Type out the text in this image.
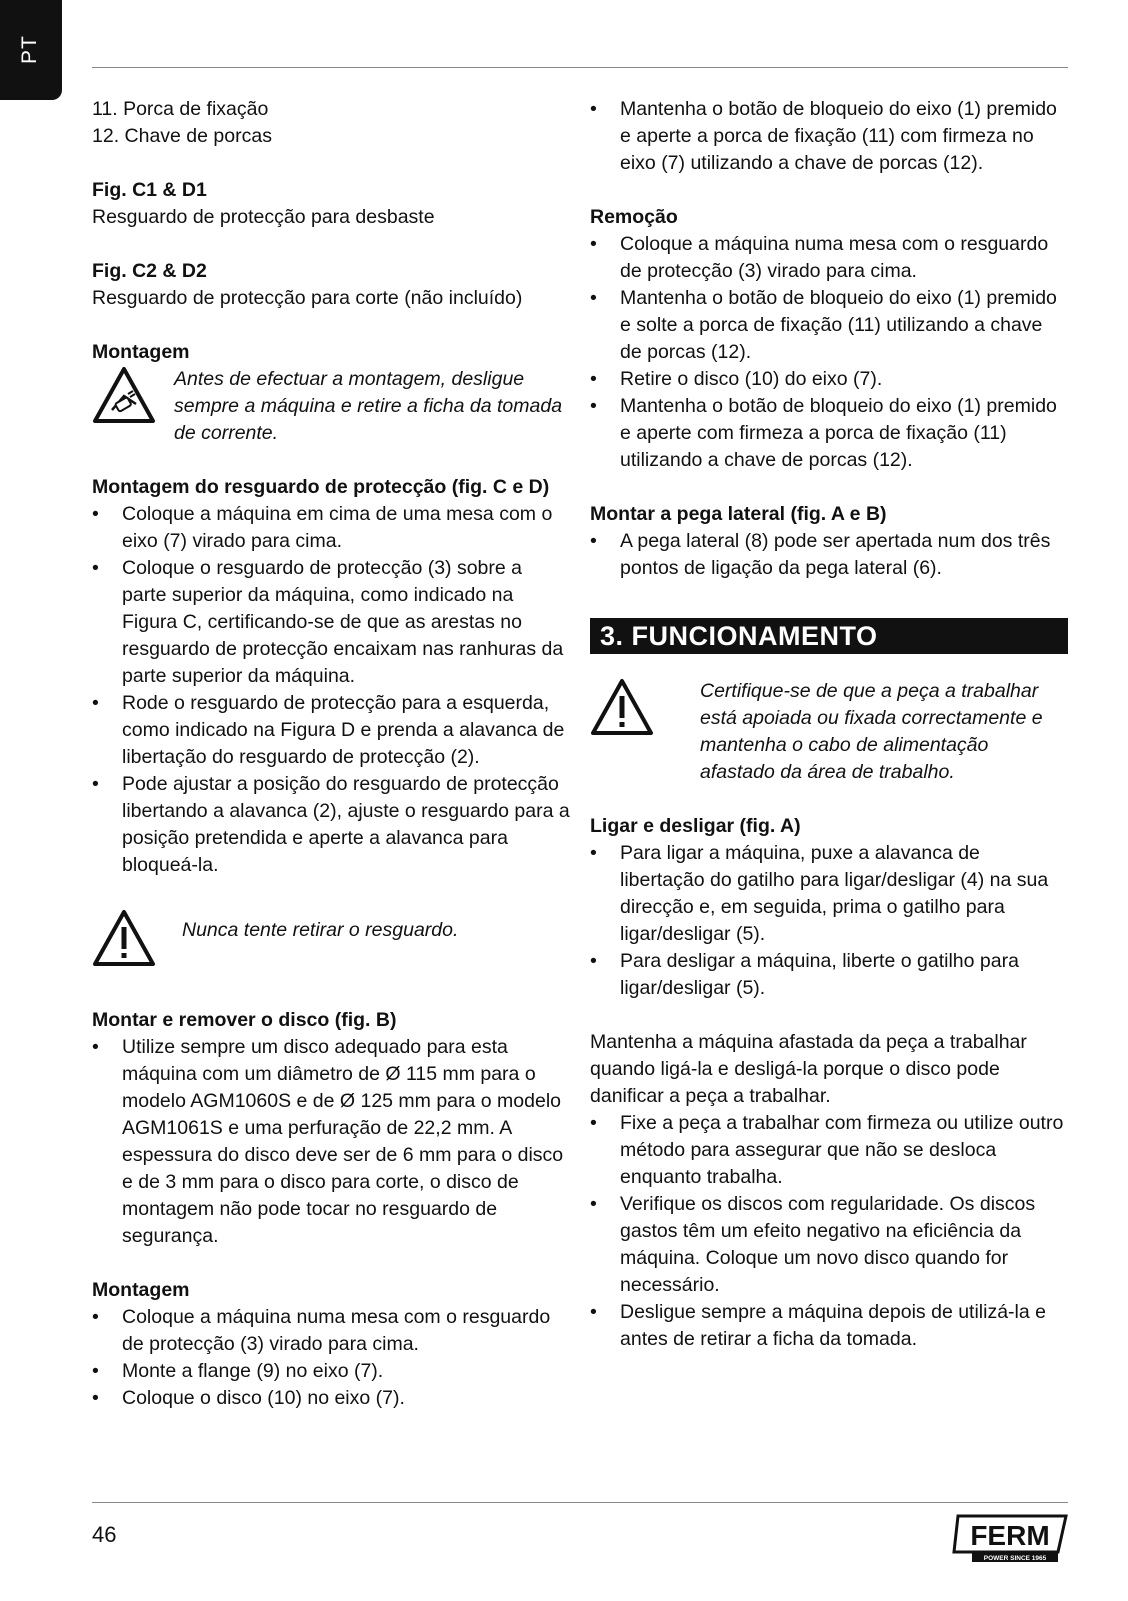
PT

11. Porca de fixação

12. Chave de porcas

Fig. C1 & D1

Resguardo de protecção para desbaste

Fig. C2 & D2

Resguardo de protecção para corte (não incluído)

Montagem
Antes de efectuar a montagem, desligue sempre a máquina e retire a ficha da tomada de corrente.
Montagem do resguardo de protecção (fig. C e D)
• Coloque a máquina em cima de uma mesa com o eixo (7) virado para cima.
• Coloque o resguardo de protecção (3) sobre a parte superior da máquina, como indicado na Figura C, certificando-se de que as arestas no resguardo de protecção encaixam nas ranhuras da parte superior da máquina.
• Rode o resguardo de protecção para a esquerda, como indicado na Figura D e prenda a alavanca de libertação do resguardo de protecção (2).
• Pode ajustar a posição do resguardo de protecção libertando a alavanca (2), ajuste o resguardo para a posição pretendida e aperte a alavanca para bloqueá-la.
Nunca tente retirar o resguardo.
Montar e remover o disco (fig. B)
• Utilize sempre um disco adequado para esta máquina com um diâmetro de Ø 115 mm para o modelo AGM1060S e de Ø 125 mm para o modelo AGM1061S e uma perfuração de 22,2 mm. A espessura do disco deve ser de 6 mm para o disco e de 3 mm para o disco para corte, o disco de montagem não pode tocar no resguardo de segurança.
Montagem
• Coloque a máquina numa mesa com o resguardo de protecção (3) virado para cima.
• Monte a flange (9) no eixo (7).
• Coloque o disco (10) no eixo (7).
• Mantenha o botão de bloqueio do eixo (1) premido e aperte a porca de fixação (11) com firmeza no eixo (7) utilizando a chave de porcas (12).
Remoção
• Coloque a máquina numa mesa com o resguardo de protecção (3) virado para cima.
• Mantenha o botão de bloqueio do eixo (1) premido e solte a porca de fixação (11) utilizando a chave de porcas (12).
• Retire o disco (10) do eixo (7).
• Mantenha o botão de bloqueio do eixo (1) premido e aperte com firmeza a porca de fixação (11) utilizando a chave de porcas (12).
Montar a pega lateral (fig. A e B)
• A pega lateral (8) pode ser apertada num dos três pontos de ligação da pega lateral (6).
3. FUNCIONAMENTO
Certifique-se de que a peça a trabalhar está apoiada ou fixada correctamente e mantenha o cabo de alimentação afastado da área de trabalho.
Ligar e desligar (fig. A)
• Para ligar a máquina, puxe a alavanca de libertação do gatilho para ligar/desligar (4) na sua direcção e, em seguida, prima o gatilho para ligar/desligar (5).
• Para desligar a máquina, liberte o gatilho para ligar/desligar (5).

Mantenha a máquina afastada da peça a trabalhar quando ligá-la e desligá-la porque o disco pode danificar a peça a trabalhar.

• Fixe a peça a trabalhar com firmeza ou utilize outro método para assegurar que não se desloca enquanto trabalha.
• Verifique os discos com regularidade. Os discos gastos têm um efeito negativo na eficiência da máquina. Coloque um novo disco quando for necessário.
• Desligue sempre a máquina depois de utilizá-la e antes de retirar a ficha da tomada.
46	FERM
POWER SINCE 1965
